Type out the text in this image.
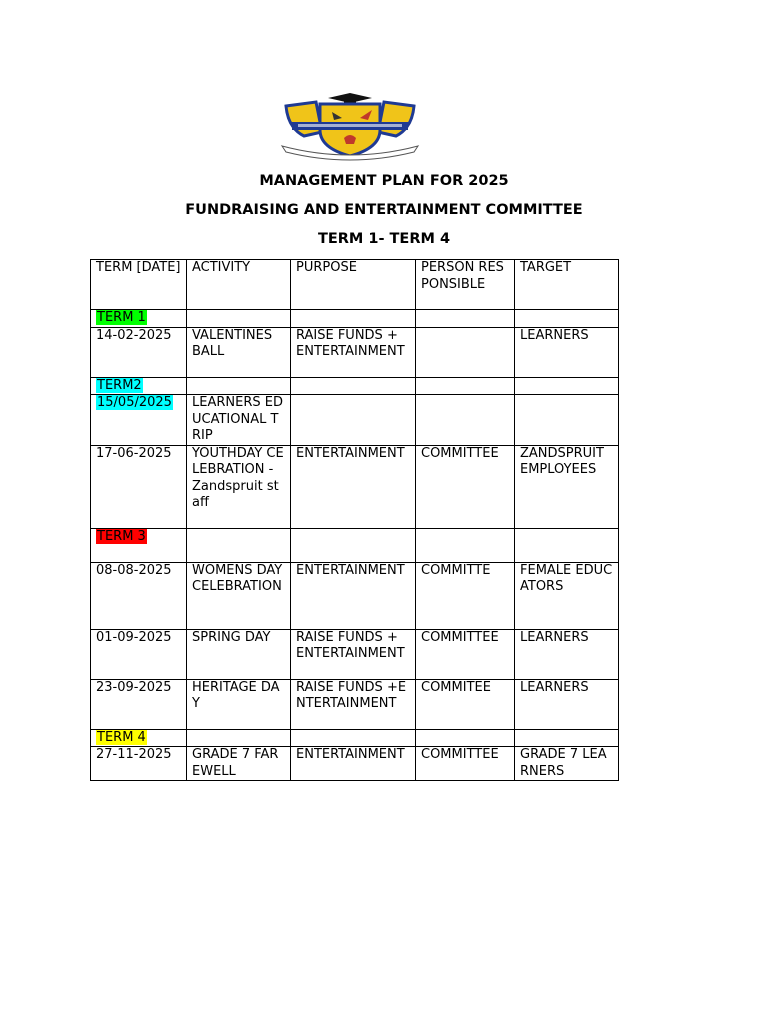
MANAGEMENT PLAN FOR 2025
FUNDRAISING AND ENTERTAINMENT COMMITTEE
TERM 1- TERM 4
TERM [DATE]	ACTIVITY	PURPOSE	PERSON RESPONSIBLE	TARGET
TERM 1				
14-02-2025	VALENTINES BALL	RAISE FUNDS + ENTERTAINMENT		LEARNERS
TERM2				
15/05/2025	LEARNERS EDUCATIONAL TRIP			
17-06-2025	YOUTHDAY CELEBRATION - Zandspruit staff	ENTERTAINMENT	COMMITTEE	ZANDSPRUIT EMPLOYEES
TERM 3				
08-08-2025	WOMENS DAY CELEBRATION	ENTERTAINMENT	COMMITTE	FEMALE EDUCATORS
01-09-2025	SPRING DAY	RAISE FUNDS + ENTERTAINMENT	COMMITTEE	LEARNERS
23-09-2025	HERITAGE DAY	RAISE FUNDS +ENTERTAINMENT	COMMITEE	LEARNERS
TERM 4				
27-11-2025	GRADE 7 FAREWELL	ENTERTAINMENT	COMMITTEE	GRADE 7 LEARNERS
